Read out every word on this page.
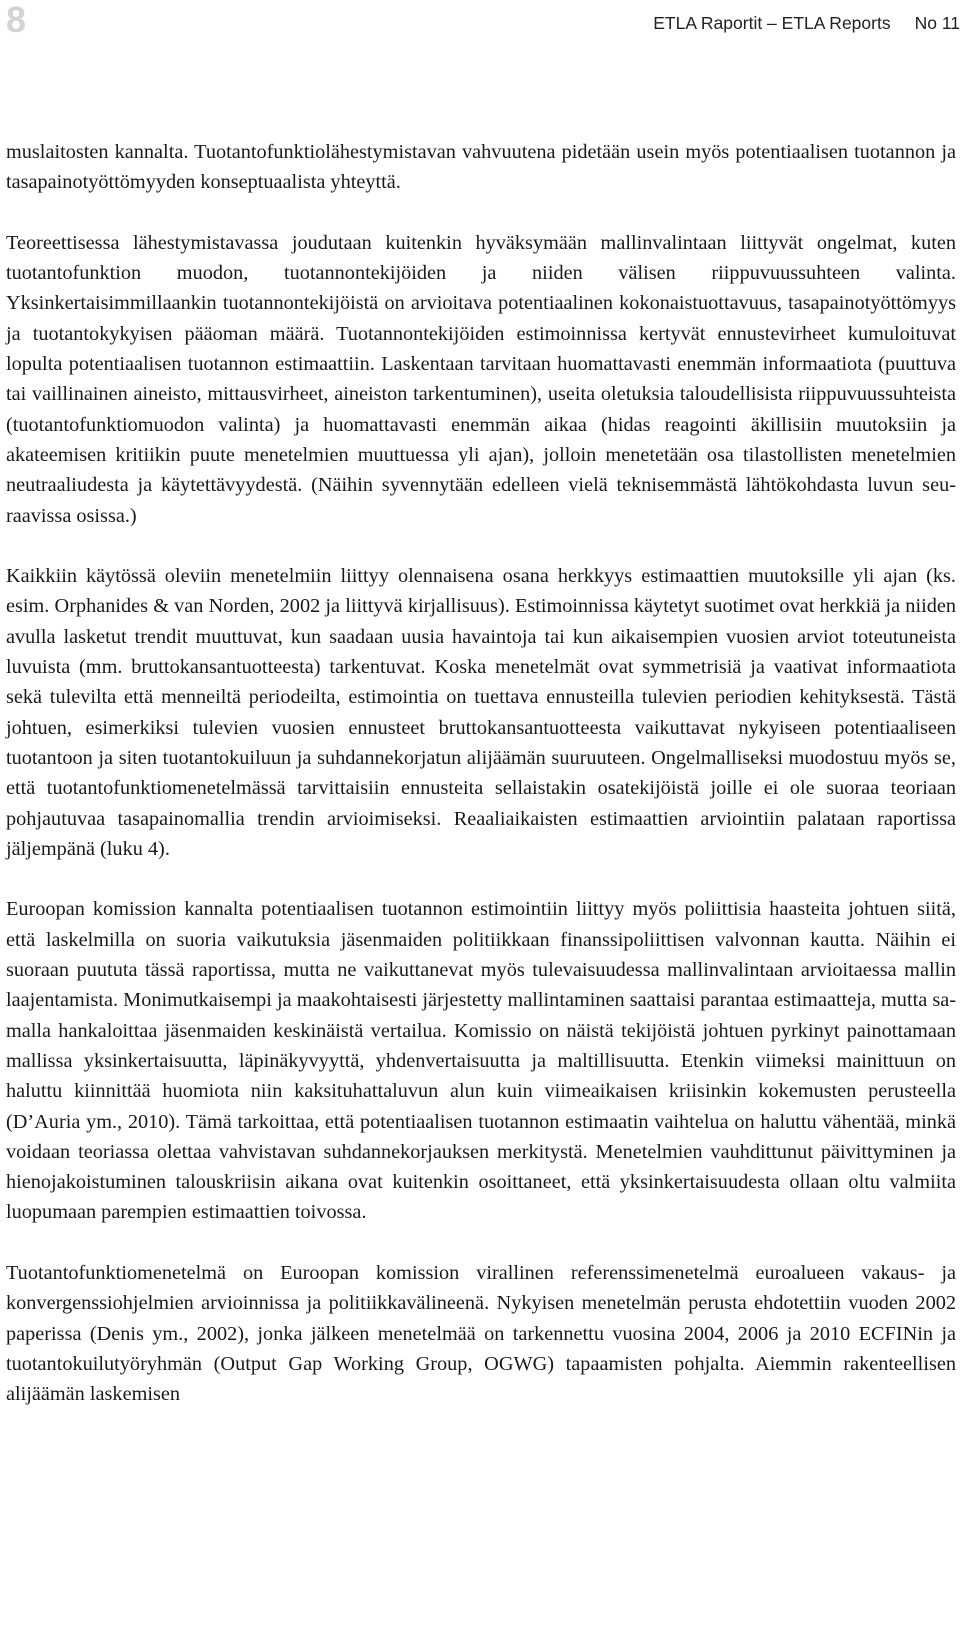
8	ETLA Raportit – ETLA Reports No 11

muslaitosten kannalta. Tuotantofunktiolähestymistavan vahvuutena pidetään usein myös potentiaalisen tuotannon ja tasapainotyöttömyyden konseptuaalista yhteyttä.

Teoreettisessa lähestymistavassa joudutaan kuitenkin hyväksymään mallinvalintaan liittyvät ongelmat, kuten tuotantofunktion muodon, tuotannontekijöiden ja niiden välisen riippuvuussuhteen valinta. Yksinkertaisimmillaankin tuotannontekijöistä on arvioitava potentiaalinen kokonaistuottavuus, tasapainotyöttömyys ja tuotantokykyisen pääoman määrä. Tuotannontekijöiden estimoinnissa kertyvät ennustevirheet kumuloituvat lopulta potentiaalisen tuotannon estimaattiin. Laskentaan tarvitaan huomattavasti enemmän informaatiota (puuttuva tai vaillinainen aineisto, mittausvirheet, aineiston tarkentuminen), useita oletuksia taloudellisista riippuvuussuhteista (tuotantofunktiomuodon valinta) ja huomattavasti enemmän aikaa (hidas reagointi äkillisiin muutoksiin ja akateemisen kritiikin puute menetelmien muuttuessa yli ajan), jolloin menetetään osa tilastollisten menetelmien neutraaliudesta ja käytettävyydestä. (Näihin syvennytään edelleen vielä teknisemmästä lähtökohdasta luvun seuraavissa osissa.)

Kaikkiin käytössä oleviin menetelmiin liittyy olennaisena osana herkkyys estimaattien muutoksille yli ajan (ks. esim. Orphanides & van Norden, 2002 ja liittyvä kirjallisuus). Estimoinnissa käytetyt suotimet ovat herkkiä ja niiden avulla lasketut trendit muuttuvat, kun saadaan uusia havaintoja tai kun aikaisempien vuosien arviot toteutuneista luvuista (mm. bruttokansantuotteesta) tarkentuvat. Koska menetelmät ovat symmetrisiä ja vaativat informaatiota sekä tulevilta että menneiltä periodeilta, estimointia on tuettava ennusteilla tulevien periodien kehityksestä. Tästä johtuen, esimerkiksi tulevien vuosien ennusteet bruttokansantuotteesta vaikuttavat nykyiseen potentiaaliseen tuotantoon ja siten tuotantokuiluun ja suhdannekorjatun alijäämän suuruuteen. Ongelmalliseksi muodostuu myös se, että tuotantofunktiomenetelmässä tarvittaisiin ennusteita sellaistakin osatekijöistä joille ei ole suoraa teoriaan pohjautuvaa tasapainomallia trendin arvioimiseksi. Reaaliaikaisten estimaattien arviointiin palataan raportissa jäljempänä (luku 4).

Euroopan komission kannalta potentiaalisen tuotannon estimointiin liittyy myös poliittisia haasteita johtuen siitä, että laskelmilla on suoria vaikutuksia jäsenmaiden politiikkaan finanssipoliittisen valvonnan kautta. Näihin ei suoraan puututa tässä raportissa, mutta ne vaikuttanevat myös tulevaisuudessa mallinvalintaan arvioitaessa mallin laajentamista. Monimutkaisempi ja maakohtaisesti järjestetty mallintaminen saattaisi parantaa estimaatteja, mutta samalla hankaloittaa jäsenmaiden keskinäistä vertailua. Komissio on näistä tekijöistä johtuen pyrkinyt painottamaan mallissa yksinkertaisuutta, läpinäkyvyyttä, yhdenvertaisuutta ja maltillisuutta. Etenkin viimeksi mainittuun on haluttu kiinnittää huomiota niin kaksituhattaluvun alun kuin viimeaikaisen kriisinkin kokemusten perusteella (D’Auria ym., 2010). Tämä tarkoittaa, että potentiaalisen tuotannon estimaatin vaihtelua on haluttu vähentää, minkä voidaan teoriassa olettaa vahvistavan suhdannekorjauksen merkitystä. Menetelmien vauhdittunut päivittyminen ja hienojakoistuminen talouskriisin aikana ovat kuitenkin osoittaneet, että yksinkertaisuudesta ollaan oltu valmiita luopumaan parempien estimaattien toivossa.

Tuotantofunktiomenetelmä on Euroopan komission virallinen referenssimenetelmä euroalueen vakaus- ja konvergenssiohjelmien arvioinnissa ja politiikkavälineenä. Nykyisen menetelmän perusta ehdotettiin vuoden 2002 paperissa (Denis ym., 2002), jonka jälkeen menetelmää on tarkennettu vuosina 2004, 2006 ja 2010 ECFINin ja tuotantokuilutyöryhmän (Output Gap Working Group, OGWG) tapaamisten pohjalta. Aiemmin rakenteellisen alijäämän laskemisen
